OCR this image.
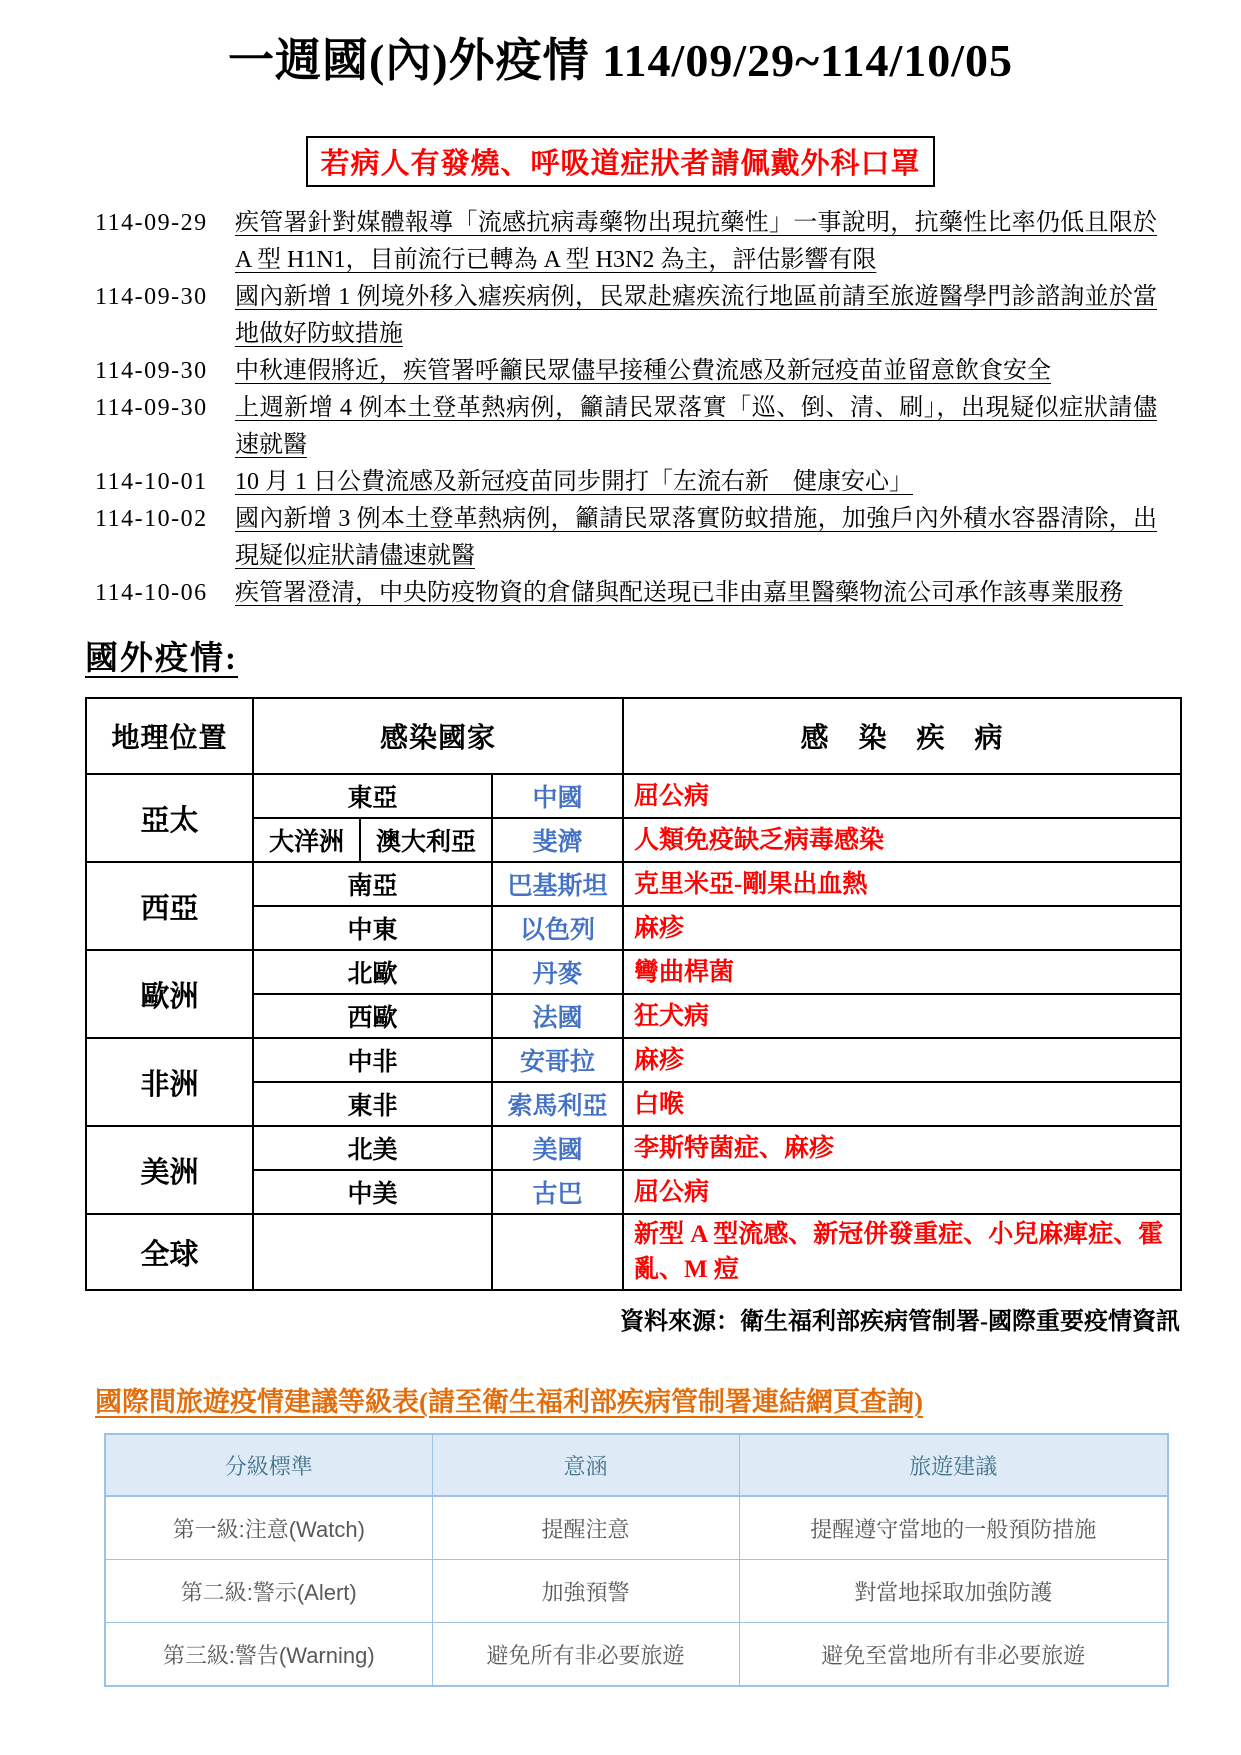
一週國(內)外疫情 114/09/29~114/10/05
若病人有發燒、呼吸道症狀者請佩戴外科口罩
114-09-29	疾管署針對媒體報導「流感抗病毒藥物出現抗藥性」一事說明，抗藥性比率仍低且限於 A 型 H1N1，目前流行已轉為 A 型 H3N2 為主，評估影響有限
114-09-30	國內新增 1 例境外移入瘧疾病例，民眾赴瘧疾流行地區前請至旅遊醫學門診諮詢並於當地做好防蚊措施
114-09-30	中秋連假將近，疾管署呼籲民眾儘早接種公費流感及新冠疫苗並留意飲食安全
114-09-30	上週新增 4 例本土登革熱病例，籲請民眾落實「巡、倒、清、刷」，出現疑似症狀請儘速就醫
114-10-01	10 月 1 日公費流感及新冠疫苗同步開打「左流右新　健康安心」
114-10-02	國內新增 3 例本土登革熱病例，籲請民眾落實防蚊措施，加強戶內外積水容器清除，出現疑似症狀請儘速就醫
114-10-06	疾管署澄清，中央防疫物資的倉儲與配送現已非由嘉里醫藥物流公司承作該專業服務
國外疫情:
地理位置	感染國家			感　染　疾　病
亞太	東亞		中國	屈公病
	大洋洲	澳大利亞	斐濟	人類免疫缺乏病毒感染
西亞	南亞		巴基斯坦	克里米亞-剛果出血熱
	中東		以色列	麻疹
歐洲	北歐		丹麥	彎曲桿菌
	西歐		法國	狂犬病
非洲	中非		安哥拉	麻疹
	東非		索馬利亞	白喉
美洲	北美		美國	李斯特菌症、麻疹
	中美		古巴	屈公病
全球				新型 A 型流感、新冠併發重症、小兒麻痺症、霍亂、M 痘
資料來源：衛生福利部疾病管制署-國際重要疫情資訊
國際間旅遊疫情建議等級表(請至衛生福利部疾病管制署連結網頁查詢)
分級標準	意涵	旅遊建議
第一級:注意(Watch)	提醒注意	提醒遵守當地的一般預防措施
第二級:警示(Alert)	加強預警	對當地採取加強防護
第三級:警告(Warning)	避免所有非必要旅遊	避免至當地所有非必要旅遊
